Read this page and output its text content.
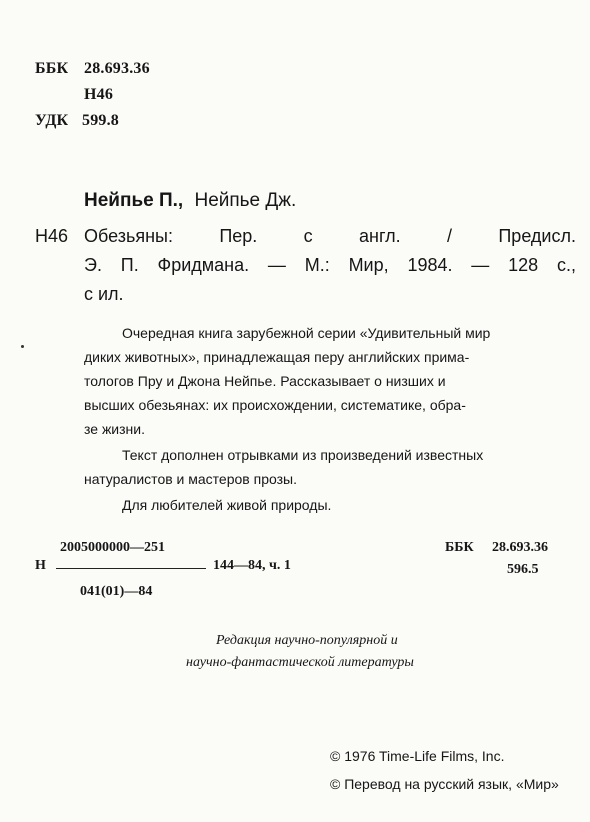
ББК 28.693.36
Н46
УДК 599.8
Нейпье П., Нейпье Дж.
Н46 Обезьяны: Пер. с англ. / Предисл.
Э. П. Фридмана. — М.: Мир, 1984. — 128 с.,
с ил.
Очередная книга зарубежной серии «Удивительный мир
диких животных», принадлежащая перу английских прима-
тологов Пру и Джона Нейпье. Рассказывает о низших и
высших обезьянах: их происхождении, систематике, обра-
зе жизни.
Текст дополнен отрывками из произведений известных
натуралистов и мастеров прозы.
Для любителей живой природы.
2005000000—251
Н	144—84, ч. 1
041(01)—84
ББК 28.693.36
596.5
Редакция научно-популярной и
научно-фантастической литературы
© 1976 Time-Life Films, Inc.
© Перевод на русский язык, «Мир»
